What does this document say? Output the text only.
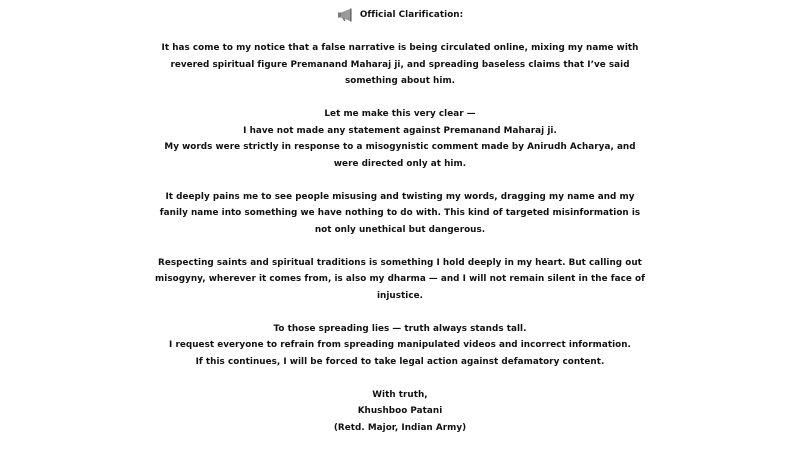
Official Clarification:
It has come to my notice that a false narrative is being circulated online, mixing my name with
revered spiritual figure Premanand Maharaj ji, and spreading baseless claims that I’ve said
something about him.
Let me make this very clear —
I have not made any statement against Premanand Maharaj ji.
My words were strictly in response to a misogynistic comment made by Anirudh Acharya, and
were directed only at him.
It deeply pains me to see people misusing and twisting my words, dragging my name and my
fanily name into something we have nothing to do with. This kind of targeted misinformation is
not only unethical but dangerous.
Respecting saints and spiritual traditions is something I hold deeply in my heart. But calling out
misogyny, wherever it comes from, is also my dharma — and I will not remain silent in the face of
injustice.
To those spreading lies — truth always stands tall.
I request everyone to refrain from spreading manipulated videos and incorrect information.
If this continues, I will be forced to take legal action against defamatory content.
With truth,
Khushboo Patani
(Retd. Major, Indian Army)
